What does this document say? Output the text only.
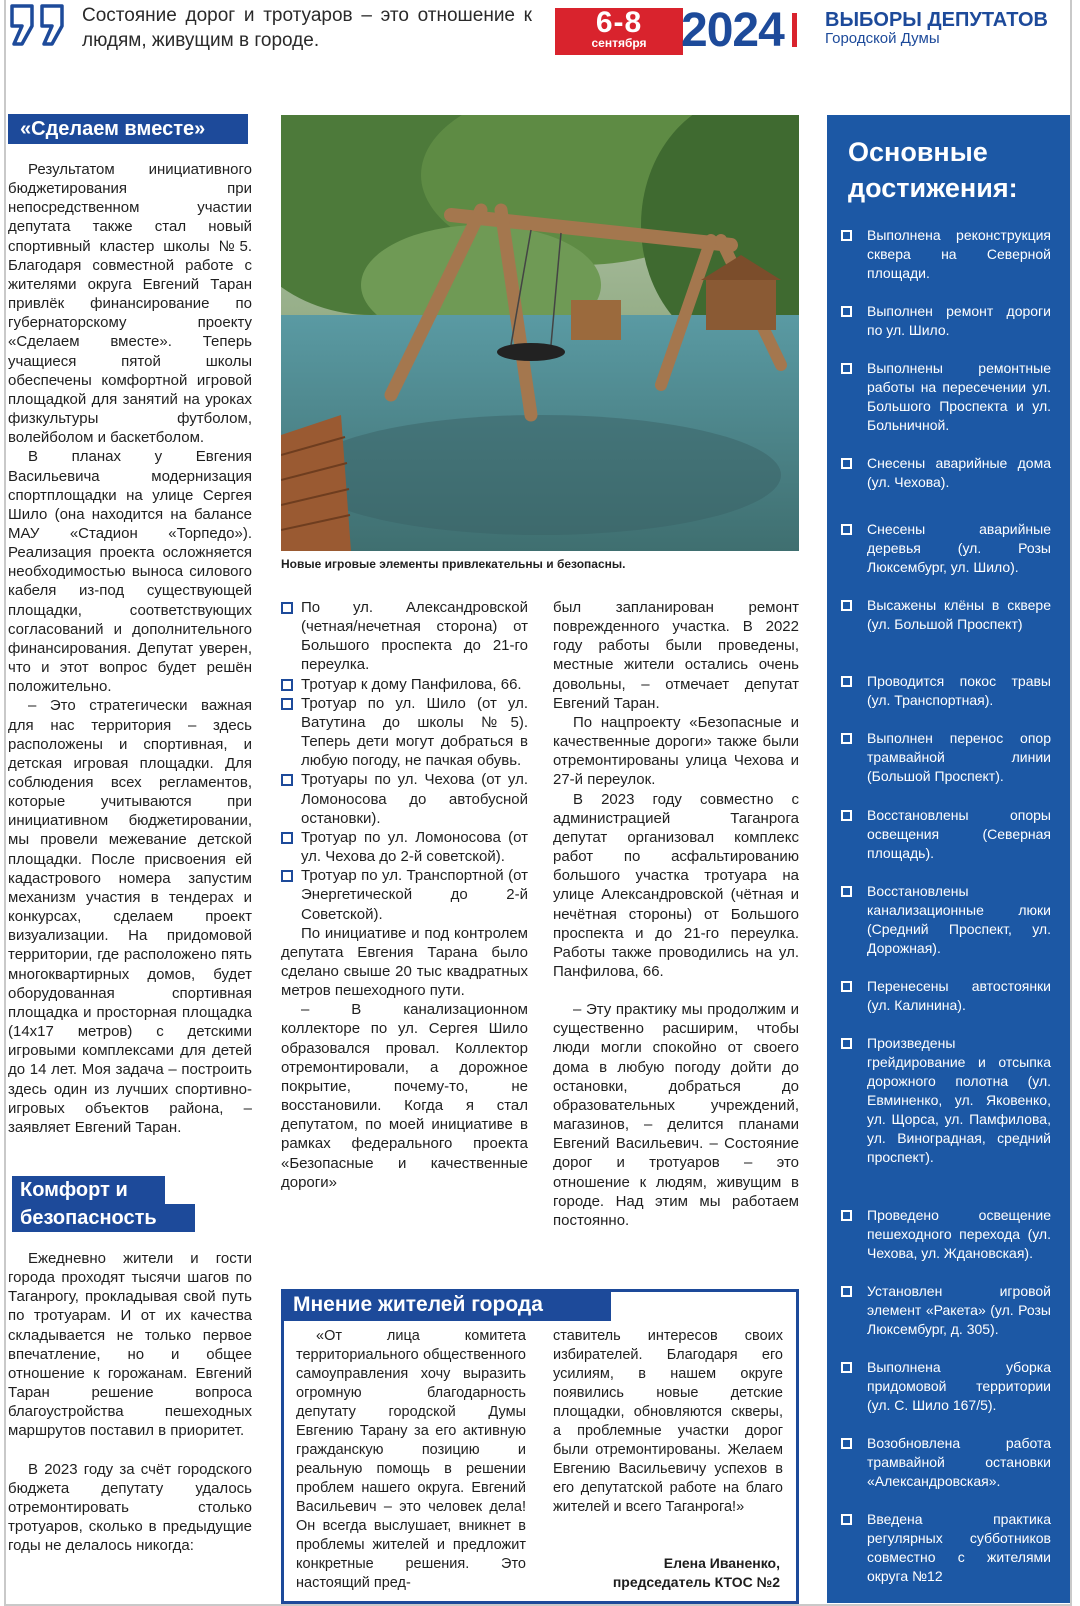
Состояние дорог и тротуаров – это отношение к людям, живущим в городе.
6-8
сентября 2024 ВЫБОРЫ ДЕПУТАТОВ
Городской Думы
«Сделаем вместе»

Результатом инициативного бюджетирования при непосредственном участии депутата также стал новый спортивный кластер школы №5. Благодаря совместной работе с жителями округа Евгений Таран привлёк финансирование по губернаторскому проекту «Сделаем вместе». Теперь учащиеся пятой школы обеспечены комфортной игровой площадкой для занятий на уроках физкультуры футболом, волейболом и баскетболом.

В планах у Евгения Васильевича модернизация спортплощадки на улице Сергея Шило (она находится на балансе МАУ «Стадион «Торпедо»). Реализация проекта осложняется необходимостью выноса силового кабеля из-под существующей площадки, соответствующих согласований и дополнительного финансирования. Депутат уверен, что и этот вопрос будет решён положительно.

– Это стратегически важная для нас территория – здесь расположены и спортивная, и детская игровая площадки. Для соблюдения всех регламентов, которые учитываются при инициативном бюджетировании, мы провели межевание детской площадки. После присвоения ей кадастрового номера запустим механизм участия в тендерах и конкурсах, сделаем проект визуализации. На придомовой территории, где расположено пять многоквартирных домов, будет оборудованная спортивная площадка и просторная площадка (14х17 метров) с детскими игровыми комплексами для детей до 14 лет. Моя задача – построить здесь один из лучших спортивно-игровых объектов района, – заявляет Евгений Таран.

Комфорт и
безопасность

Ежедневно жители и гости города проходят тысячи шагов по Таганрогу, прокладывая свой путь по тротуарам. И от их качества складывается не только первое впечатление, но и общее отношение к горожанам. Евгений Таран решение вопроса благоустройства пешеходных маршрутов поставил в приоритет.

В 2023 году за счёт городского бюджета депутату удалось отремонтировать столько тротуаров, сколько в предыдущие годы не делалось никогда:

Новые игровые элементы привлекательны и безопасны.
По ул. Александровской (четная/нечетная сторона) от Большого проспекта до 21-го переулка.
Тротуар к дому Панфилова, 66.
Тротуар по ул. Шило (от ул. Ватутина до школы №5). Теперь дети могут добраться в любую погоду, не пачкая обувь.
Тротуары по ул. Чехова (от ул. Ломоносова до автобусной остановки).
Тротуар по ул. Ломоносова (от ул. Чехова до 2-й советской).
Тротуар по ул. Транспортной (от Энергетической до 2-й Советской).

По инициативе и под контролем депутата Евгения Тарана было сделано свыше 20 тыс квадратных метров пешеходного пути.

– В канализационном коллекторе по ул. Сергея Шило образовался провал. Коллектор отремонтировали, а дорожное покрытие, почему-то, не восстановили. Когда я стал депутатом, по моей инициативе в рамках федерального проекта «Безопасные и качественные дороги»

был запланирован ремонт поврежденного участка. В 2022 году работы были проведены, местные жители остались очень довольны, – отмечает депутат Евгений Таран.

По нацпроекту «Безопасные и качественные дороги» также были отремонтированы улица Чехова и 27-й переулок.

В 2023 году совместно с администрацией Таганрога депутат организовал комплекс работ по асфальтированию большого участка тротуара на улице Александровской (чётная и нечётная стороны) от Большого проспекта и до 21-го переулка. Работы также проводились на ул. Панфилова, 66.

– Эту практику мы продолжим и существенно расширим, чтобы люди могли спокойно от своего дома в любую погоду дойти до остановки, добраться до образовательных учреждений, магазинов, – делится планами Евгений Васильевич. – Состояние дорог и тротуаров – это отношение к людям, живущим в городе. Над этим мы работаем постоянно.

Мнение жителей города

«От лица комитета территориального общественного самоуправления хочу выразить огромную благодарность депутату городской Думы Евгению Тарану за его активную гражданскую позицию и реальную помощь в решении проблем нашего округа. Евгений Васильевич – это человек дела! Он всегда выслушает, вникнет в проблемы жителей и предложит конкретные решения. Это настоящий пред-

ставитель интересов своих избирателей. Благодаря его усилиям, в нашем округе появились новые детские площадки, обновляются скверы, а проблемные участки дорог были отремонтированы. Желаем Евгению Васильевичу успехов в его депутатской работе на благо жителей и всего Таганрога!»

Елена Иваненко,
председатель КТОС №2
Основные
достижения:
Выполнена реконструкция сквера на Северной площади.
Выполнен ремонт дороги по ул. Шило.
Выполнены ремонтные работы на пересечении ул. Большого Проспекта и ул. Больничной.
Снесены аварийные дома (ул. Чехова).
Снесены аварийные деревья (ул. Розы Люксембург, ул. Шило).
Высажены клёны в сквере (ул. Большой Проспект)
Проводится покос травы (ул. Транспортная).
Выполнен перенос опор трамвайной линии (Большой Проспект).
Восстановлены опоры освещения (Северная площадь).
Восстановлены канализационные люки (Средний Проспект, ул. Дорожная).
Перенесены автостоянки (ул. Калинина).
Произведены грейдирование и отсыпка дорожного полотна (ул. Евминенко, ул. Яковенко, ул. Щорса, ул. Памфилова, ул. Виноградная, средний проспект).
Проведено освещение пешеходного перехода (ул. Чехова, ул. Ждановская).
Установлен игровой элемент «Ракета» (ул. Розы Люксембург, д. 305).
Выполнена уборка придомовой территории (ул. С. Шило 167/5).
Возобновлена работа трамвайной остановки «Александровская».
Введена практика регулярных субботников совместно с жителями округа №12
